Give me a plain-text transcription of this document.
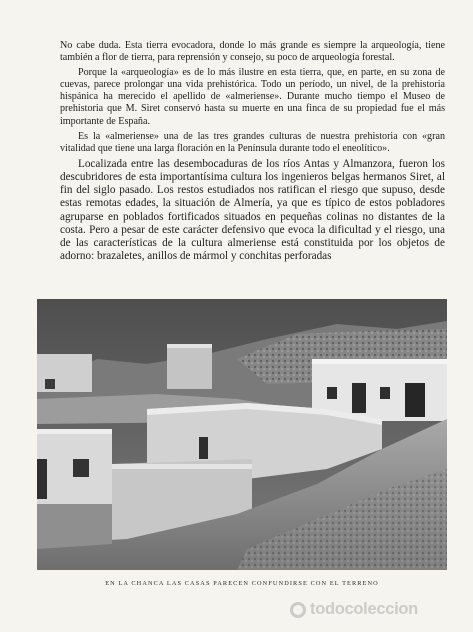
No cabe duda. Esta tierra evocadora, donde lo más grande es siempre la arqueología, tiene también a flor de tierra, para reprensión y consejo, su poco de arqueología forestal.

Porque la «arqueología» es de lo más ilustre en esta tierra, que, en parte, en su zona de cuevas, parece prolongar una vida prehistórica. Todo un período, un nivel, de la prehistoria hispánica ha merecido el apellido de «almeriense». Durante mucho tiempo el Museo de prehistoria que M. Siret conservó hasta su muerte en una finca de su propiedad fue el más importante de España.

Es la «almeriense» una de las tres grandes culturas de nuestra prehistoria con «gran vitalidad que tiene una larga floración en la Península durante todo el eneolítico».

Localizada entre las desembocaduras de los ríos Antas y Almanzora, fueron los descubridores de esta importantísima cultura los ingenieros belgas hermanos Siret, al fin del siglo pasado. Los restos estudiados nos ratifican el riesgo que supuso, desde estas remotas edades, la situación de Almería, ya que es típico de estos pobladores agruparse en poblados fortificados situados en pequeñas colinas no distantes de la costa. Pero a pesar de este carácter defensivo que evoca la dificultad y el riesgo, una de las características de la cultura almeriense está constituida por los objetos de adorno: brazaletes, anillos de mármol y conchitas perforadas

EN LA CHANCA LAS CASAS PARECEN CONFUNDIRSE CON EL TERRENO
todocoleccion
